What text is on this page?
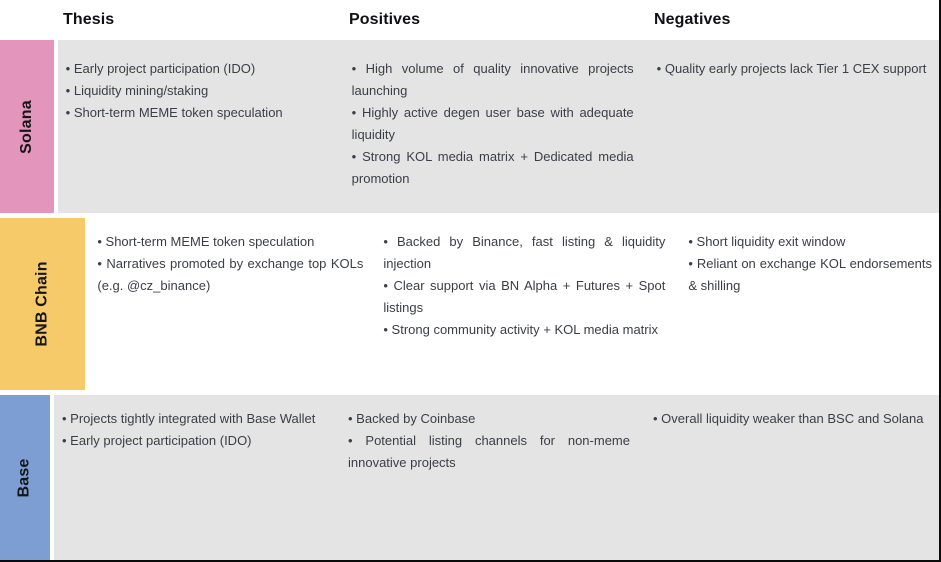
Thesis	Positives	Negatives
Solana
• Early project participation (IDO)
• Liquidity mining/staking
• Short-term MEME token speculation
• High volume of quality innovative projects launching
• Highly active degen user base with adequate liquidity
• Strong KOL media matrix + Dedicated media promotion
• Quality early projects lack Tier 1 CEX support
BNB Chain
• Short-term MEME token speculation
• Narratives promoted by exchange top KOLs (e.g. @cz_binance)
• Backed by Binance, fast listing & liquidity injection
• Clear support via BN Alpha + Futures + Spot listings
• Strong community activity + KOL media matrix
• Short liquidity exit window
• Reliant on exchange KOL endorsements & shilling
Base
• Projects tightly integrated with Base Wallet
• Early project participation (IDO)
• Backed by Coinbase
• Potential listing channels for non-meme innovative projects
• Overall liquidity weaker than BSC and Solana
